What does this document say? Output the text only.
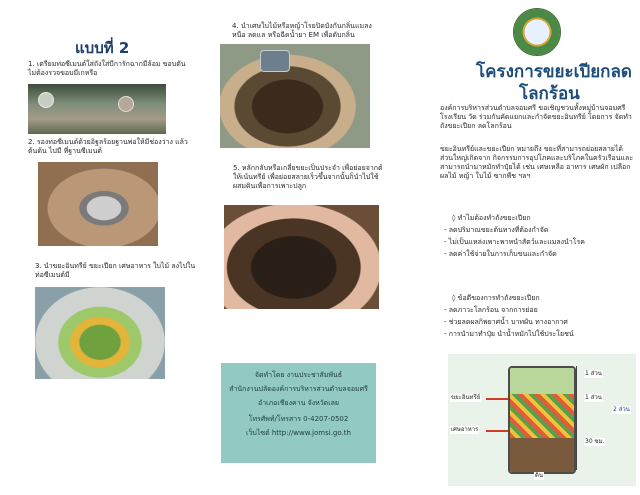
แบบที่ 2
1. เตรียมท่อซีเมนต์ใส่ถังใส่บีการักฉากมีล้อม ขอบตันไม่ต้องรวจขอบมีเกหรือ
2. รองท่อซีเมนต์ด้วยอิฐลร้อยฐานพ่อให้มีช่องว่าง แล้วต้นด้น ไปมี ที่ฐานซีเมนต์
3. นำขยะอินทรีย์ ขยะเปียก เศษอาหาร ใบไม้ ลงไปในท่อซีเมนต์มี
4. นำเศษใบไม้หรือหญ้าโรยปิดบังกันกลิ่นแมลงหนือ ลดแล หรือฉีดน้ำยา EM เพื่อดับกลิ่น
5. หลักกลับหรือเกลี่ยขยะเป็นประจำ เพื่อย่อยจากต์ให้เน้นทรีย์ เพื่อย่อยสลายเร็วขึ้นจากนั้นก็นำไปใช้ผสมดินเพื่อการเพาะปลูก
จัดทำโดย งานประชาสัมพันธ์
สำนักงานปลัดองค์การบริหารส่วนตำบลจอมศรี
อำเภอเชียงคาน จังหวัดเลย
โทรศัพท์/โทรสาร 0-4207-0502
เว็บไซต์ http://www.jomsi.go.th
โครงการขยะเปียกลด
โลกร้อน
องค์การบริหารส่วนตำบลจอมศรี ขอเชิญชวนทั้งหมู่บ้านจอมศรี โรงเรียน วัด ร่วมกันคัดแยกและกำจัดขยะอินทรีย์ โดยการ จัดทำถังขยะเปียก ลดโลกร้อน
ขยะอินทรีย์และขยะเปียก หมายถึง ขยะที่สามารถย่อยสลายได้ ส่วนใหญ่เกิดจาก กิจกรรมการอุปโภคและบริโภคในครัวเรือนและ สามารถนำมาหมักทำปุ๋ยได้ เช่น เศษเหลือ อาหาร เศษผัก เปลือกผลไม้ หญ้า ใบไม้ ซากพืช ฯลฯ
◊ ทำไมต้องทำถังขยะเปียก
- ลดปริมาณขยะต้นทางที่ต้องกำจัด
- ไม่เป็นแหล่งเพาะพาหนำสัตว์และแมลงนำโรค
- ลดค่าใช้จ่ายในการเก็บขนและกำจัด
◊ ข้อดีของการทำถังขยะเปียก
- ลดภาวะโลกร้อน จากการย่อย
- ช่วยลดผลกิพยาศน้ำ บาทผัน ทางอากาศ
- การนำมาทำปุ๋ย นำน้ำหมักไปใช้ประโยชน์
1 ส่วน
1 ส่วน
2 ส่วน
ขยะอินทรีย์
เศษอาหาร
30 ซม.
ดิน
